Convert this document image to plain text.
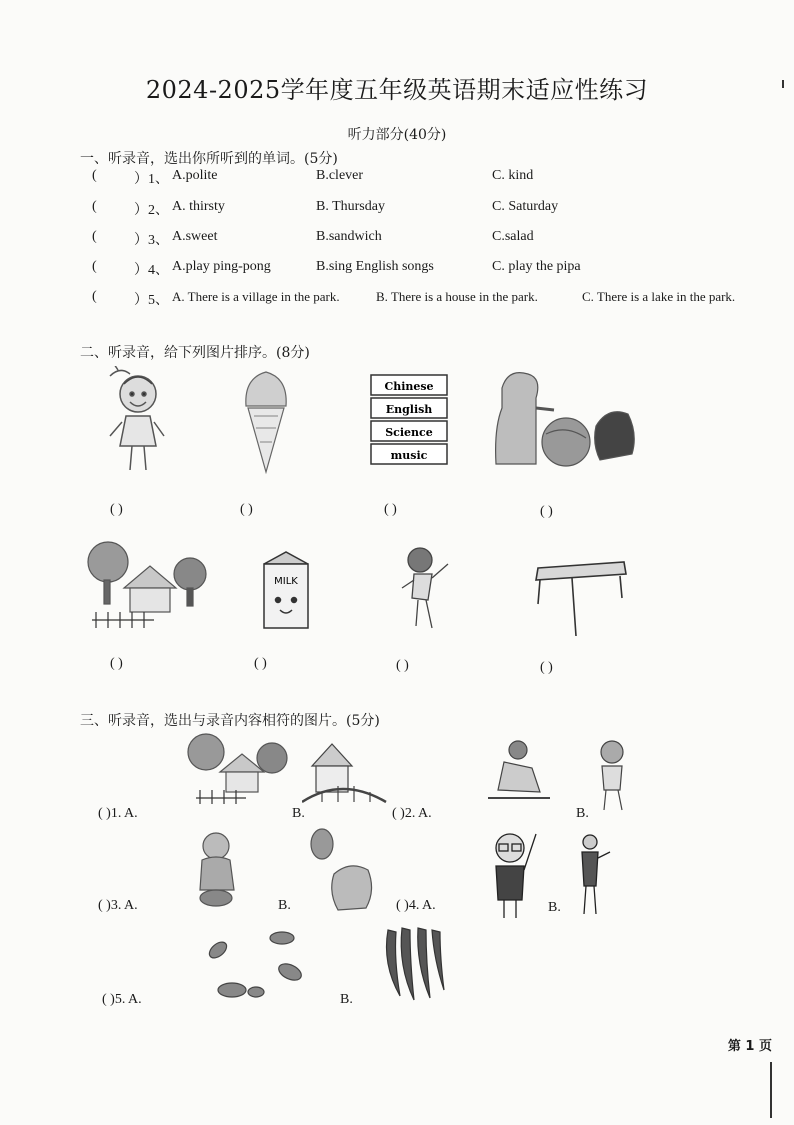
2024-2025学年度五年级英语期末适应性练习
听力部分(40分)
一、听录音，选出你所听到的单词。(5分)
(	）1、 A.polite	B.clever	C. kind
(	）2、 A. thirsty	B. Thursday	C. Saturday
(	）3、 A.sweet	B.sandwich	C.salad
(	）4、 A.play ping-pong	B.sing English songs	C. play the pipa
(	）5、 A. There is a village in the park.	B. There is a house in the park.	C. There is a lake in the park.
二、听录音，给下列图片排序。(8分)
Chinese
English
Science
music
( )	( )	( )	( )
MILK
( )	( )	( )	( )
三、听录音，选出与录音内容相符的图片。(5分)
( )1. A.	B.	( )2. A.	B.
( )3. A.	B.	( )4. A.	B.
( )5. A.	B.
第 1 页
